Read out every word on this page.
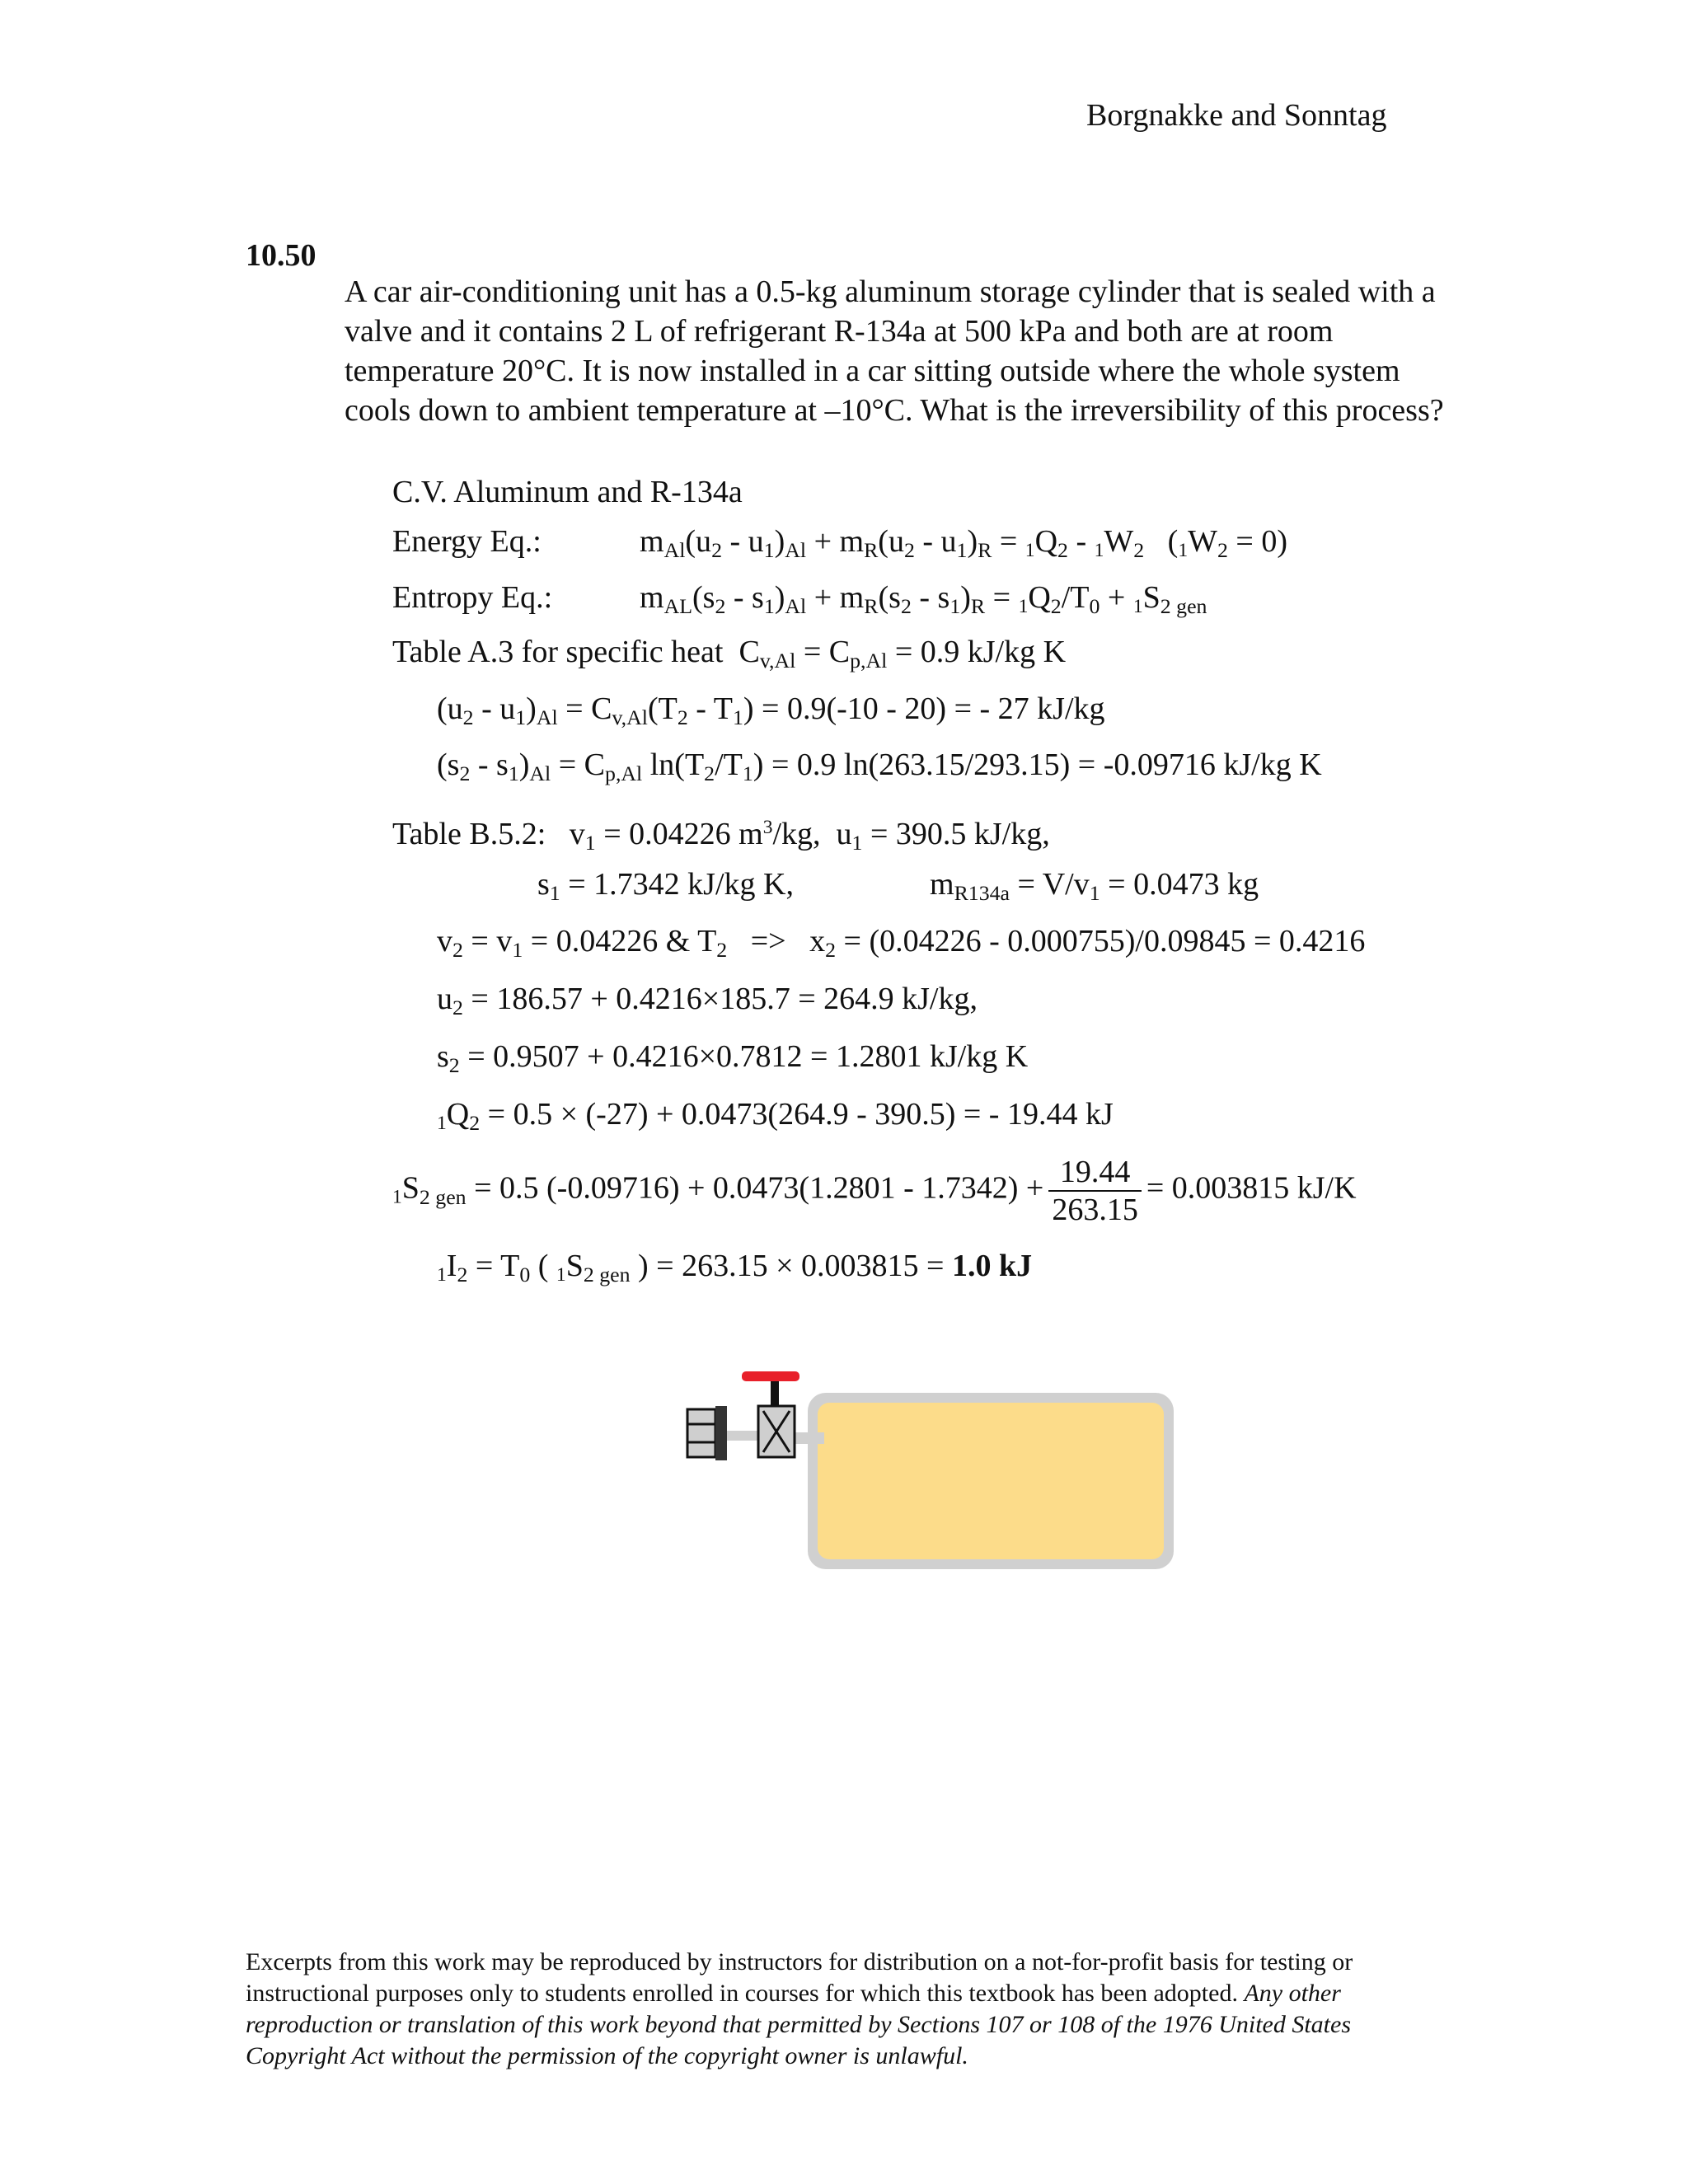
Borgnakke and Sonntag
10.50
A car air-conditioning unit has a 0.5-kg aluminum storage cylinder that is sealed with a valve and it contains 2 L of refrigerant R-134a at 500 kPa and both are at room temperature 20°C. It is now installed in a car sitting outside where the whole system cools down to ambient temperature at –10°C. What is the irreversibility of this process?
C.V. Aluminum and R-134a
Energy Eq.:	$m_{Al}(u_2 - u_1)_{Al} + m_R(u_2 - u_1)_R = 1Q_2 - 1W_2$   $(1W_2 = 0)$
Entropy Eq.:	$m_{AL}(s_2 - s_1)_{Al} + m_R(s_2 - s_1)_R = 1Q_2/T_0 + 1S_{2 gen}$
Table A.3 for specific heat  $C_{v,Al} = C_{p,Al} = 0.9$ kJ/kg K
$(u_2 - u_1)_{Al} = C_{v,Al}(T_2 - T_1) = 0.9(-10 - 20)$ = - 27 kJ/kg
$(s_2 - s_1)_{Al} = C_{p,Al}$ $\ln(T_2/T_1) = 0.9$ ln(263.15/293.15) = -0.09716 kJ/kg K
Table B.5.2:   $v_1 = 0.04226$ $m^3/kg$,  $u_1 = 390.5$ kJ/kg,
$s_1 = 1.7342$ kJ/kg K,	$m_{R134a} = V/v_1 = 0.0473$ kg
$v_2 = v_1 = 0.04226$ & $T_2 => x_2 = (0.04226 - 0.000755)/0.09845 = 0.4216$
$u_2 = 186.57 + 0.4216\times 185.7 = 264.9$ kJ/kg,
$s_2 = 0.9507 + 0.4216\times 0.7812 = 1.2801$ kJ/kg K
$1Q_2 = 0.5 \times (-27) + 0.0473(264.9 - 390.5)$ = - 19.44 kJ
$1S_{2 gen} = 0.5$ $(-0.09716) + 0.0473(1.2801 - 1.7342) + \frac{19.44}{263.15} = 0.003815$ kJ/K
$1I_2 = T_0$ ( $1S_{2 gen}$ ) = 263.15 × 0.003815 = 1.0 kJ
Excerpts from this work may be reproduced by instructors for distribution on a not-for-profit basis for testing or instructional purposes only to students enrolled in courses for which this textbook has been adopted. Any other reproduction or translation of this work beyond that permitted by Sections 107 or 108 of the 1976 United States Copyright Act without the permission of the copyright owner is unlawful.
